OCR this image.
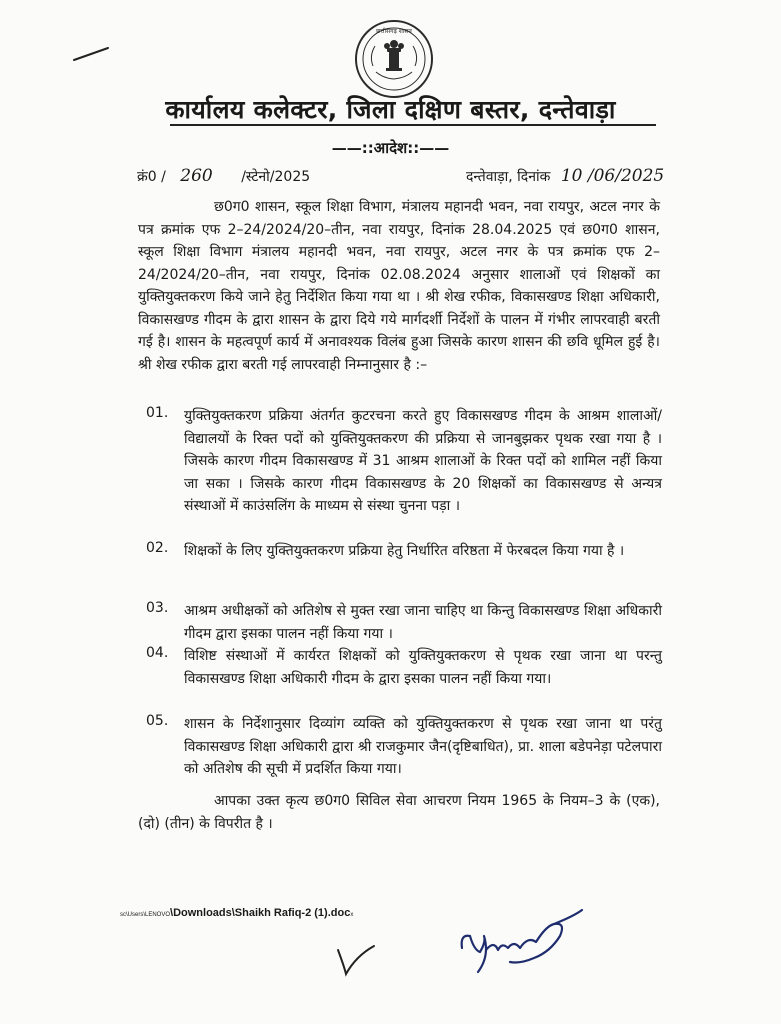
छत्तीसगढ़ शासन
कार्यालय कलेक्टर, जिला दक्षिण बस्तर, दन्तेवाड़ा
——::आदेश::——
क्रं0 / 260 /स्टेनो/2025	दन्तेवाड़ा, दिनांक 10 /06/2025
छ0ग0 शासन, स्कूल शिक्षा विभाग, मंत्रालय महानदी भवन, नवा रायपुर, अटल नगर के पत्र क्रमांक एफ 2–24/2024/20–तीन, नवा रायपुर, दिनांक 28.04.2025 एवं छ0ग0 शासन, स्कूल शिक्षा विभाग मंत्रालय महानदी भवन, नवा रायपुर, अटल नगर के पत्र क्रमांक एफ 2–24/2024/20–तीन, नवा रायपुर, दिनांक 02.08.2024 अनुसार शालाओं एवं शिक्षकों का युक्तियुक्तकरण किये जाने हेतु निर्देशित किया गया था । श्री शेख रफीक, विकासखण्ड शिक्षा अधिकारी, विकासखण्ड गीदम के द्वारा शासन के द्वारा दिये गये मार्गदर्शी निर्देशों के पालन में गंभीर लापरवाही बरती गई है। शासन के महत्वपूर्ण कार्य में अनावश्यक विलंब हुआ जिसके कारण शासन की छवि धूमिल हुई है। श्री शेख रफीक द्वारा बरती गई लापरवाही निम्नानुसार है :–
01. युक्तियुक्तकरण प्रक्रिया अंतर्गत कुटरचना करते हुए विकासखण्ड गीदम के आश्रम शालाओं/विद्यालयों के रिक्त पदों को युक्तियुक्तकरण की प्रक्रिया से जानबुझकर पृथक रखा गया है । जिसके कारण गीदम विकासखण्ड में 31 आश्रम शालाओं के रिक्त पदों को शामिल नहीं किया जा सका । जिसके कारण गीदम विकासखण्ड के 20 शिक्षकों का विकासखण्ड से अन्यत्र संस्थाओं में काउंसलिंग के माध्यम से संस्था चुनना पड़ा ।
02. शिक्षकों के लिए युक्तियुक्तकरण प्रक्रिया हेतु निर्धारित वरिष्ठता में फेरबदल किया गया है ।
03. आश्रम अधीक्षकों को अतिशेष से मुक्त रखा जाना चाहिए था किन्तु विकासखण्ड शिक्षा अधिकारी गीदम द्वारा इसका पालन नहीं किया गया ।
04. विशिष्ट संस्थाओं में कार्यरत शिक्षकों को युक्तियुक्तकरण से पृथक रखा जाना था परन्तु विकासखण्ड शिक्षा अधिकारी गीदम के द्वारा इसका पालन नहीं किया गया।
05. शासन के निर्देशानुसार दिव्यांग व्यक्ति को युक्तियुक्तकरण से पृथक रखा जाना था परंतु विकासखण्ड शिक्षा अधिकारी द्वारा श्री राजकुमार जैन(दृष्टिबाधित), प्रा. शाला बडेपनेड़ा पटेलपारा को अतिशेष की सूची में प्रदर्शित किया गया।
आपका उक्त कृत्य छ0ग0 सिविल सेवा आचरण नियम 1965 के नियम–3 के (एक), (दो) (तीन) के विपरीत है ।
sc\Users\LENOVO\Downloads\Shaikh Rafiq-2 (1).docx
